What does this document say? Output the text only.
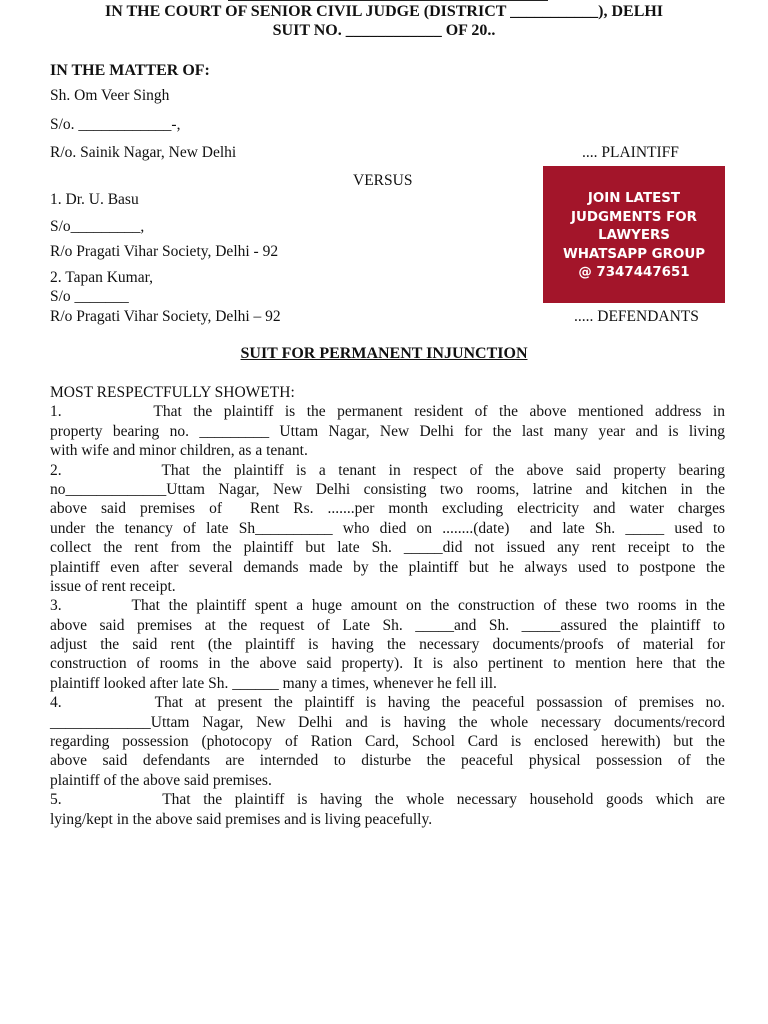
IN THE COURT OF SENIOR CIVIL JUDGE (DISTRICT ___________), DELHI
SUIT NO. ____________ OF 20..
IN THE MATTER OF:
Sh. Om Veer Singh
S/o. ____________-,
R/o. Sainik Nagar, New Delhi	.... PLAINTIFF
VERSUS
1. Dr. U. Basu
S/o_________,
R/o Pragati Vihar Society, Delhi - 92
2. Tapan Kumar,
S/o _______
R/o Pragati Vihar Society, Delhi – 92	..... DEFENDANTS
JOIN LATEST
JUDGMENTS FOR
LAWYERS
WHATSAPP GROUP
@ 7347447651
SUIT FOR PERMANENT INJUNCTION
MOST RESPECTFULLY SHOWETH:
1.        That the plaintiff is the permanent resident of the above mentioned address in
property bearing no. _________ Uttam Nagar, New Delhi for the last many year and is living
with wife and minor children, as a tenant.
2.        That the plaintiff is a tenant in respect of the above said property bearing
no_____________Uttam Nagar, New Delhi consisting two rooms, latrine and kitchen in the
above said premises of  Rent Rs. .......per month excluding electricity and water charges
under the tenancy of late Sh__________ who died on ........(date)  and late Sh. _____ used to
collect the rent from the plaintiff but late Sh. _____did not issued any rent receipt to the
plaintiff even after several demands made by the plaintiff but he always used to postpone the
issue of rent receipt.
3.        That the plaintiff spent a huge amount on the construction of these two rooms in the
above said premises at the request of Late Sh. _____and Sh. _____assured the plaintiff to
adjust the said rent (the plaintiff is having the necessary documents/proofs of material for
construction of rooms in the above said property). It is also pertinent to mention here that the
plaintiff looked after late Sh. ______ many a times, whenever he fell ill.
4.        That at present the plaintiff is having the peaceful possassion of premises no.
_____________Uttam Nagar, New Delhi and is having the whole necessary documents/record
regarding possession (photocopy of Ration Card, School Card is enclosed herewith) but the
above said defendants are internded to disturbe the peaceful physical possession of the
plaintiff of the above said premises.
5.        That the plaintiff is having the whole necessary household goods which are
lying/kept in the above said premises and is living peacefully.
